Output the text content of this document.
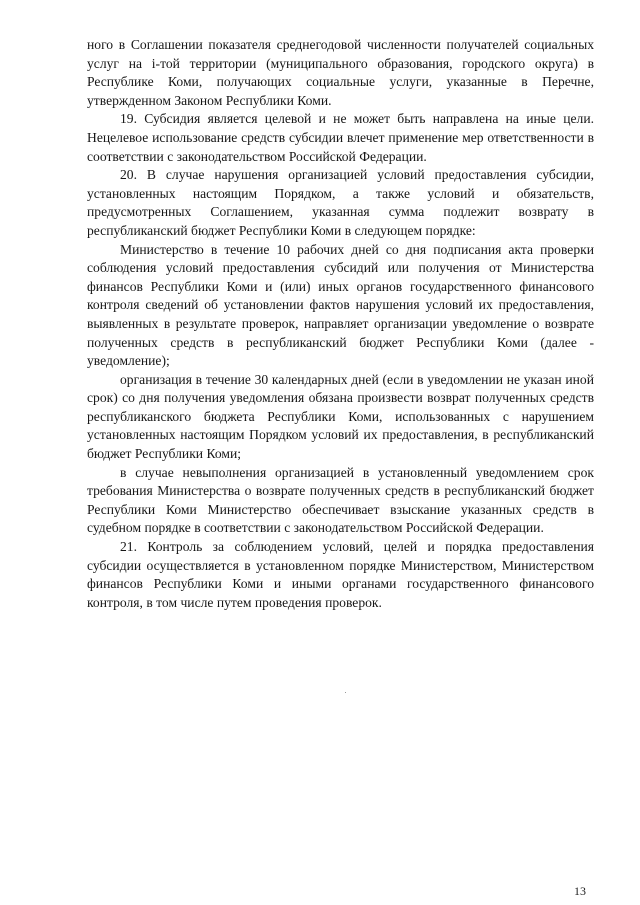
ного в Соглашении показателя среднегодовой численности получателей социальных услуг на i-той территории (муниципального образования, городского округа) в Республике Коми, получающих социальные услуги, указанные в Перечне, утвержденном Законом Республики Коми.

19. Субсидия является целевой и не может быть направлена на иные цели. Нецелевое использование средств субсидии влечет применение мер ответственности в соответствии с законодательством Российской Федерации.

20. В случае нарушения организацией условий предоставления субсидии, установленных настоящим Порядком, а также условий и обязательств, предусмотренных Соглашением, указанная сумма подлежит возврату в республиканский бюджет Республики Коми в следующем порядке:

Министерство в течение 10 рабочих дней со дня подписания акта проверки соблюдения условий предоставления субсидий или получения от Министерства финансов Республики Коми и (или) иных органов государственного финансового контроля сведений об установлении фактов нарушения условий их предоставления, выявленных в результате проверок, направляет организации уведомление о возврате полученных средств в республиканский бюджет Республики Коми (далее - уведомление);

организация в течение 30 календарных дней (если в уведомлении не указан иной срок) со дня получения уведомления обязана произвести возврат полученных средств республиканского бюджета Республики Коми, использованных с нарушением установленных настоящим Порядком условий их предоставления, в республиканский бюджет Республики Коми;

в случае невыполнения организацией в установленный уведомлением срок требования Министерства о возврате полученных средств в республиканский бюджет Республики Коми Министерство обеспечивает взыскание указанных средств в судебном порядке в соответствии с законодательством Российской Федерации.

21. Контроль за соблюдением условий, целей и порядка предоставления субсидии осуществляется в установленном порядке Министерством, Министерством финансов Республики Коми и иными органами государственного финансового контроля, в том числе путем проведения проверок.

13
